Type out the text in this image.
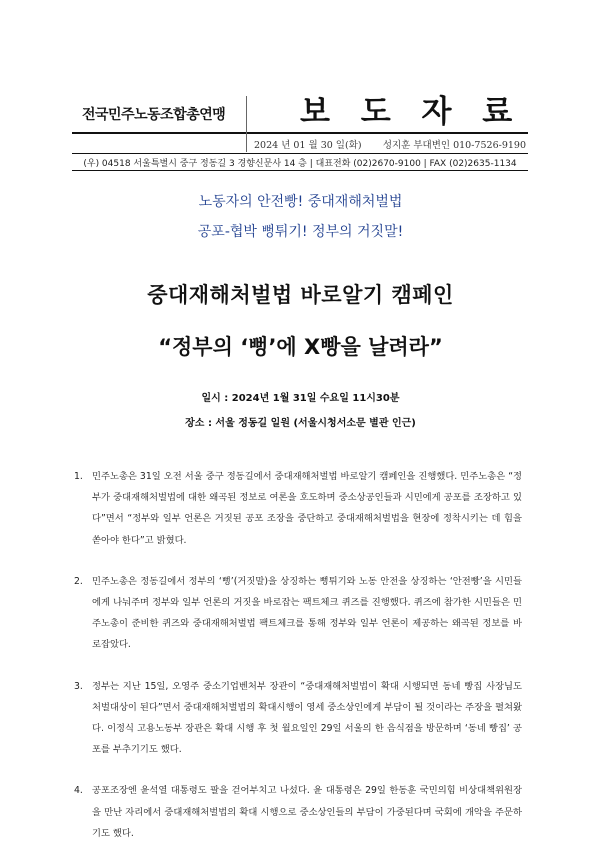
전국민주노동조합총연맹 보 도 자 료
2024 년 01 월 30 일(화) 성지훈 부대변인 010-7526-9190
(우) 04518 서울특별시 중구 정동길 3 경향신문사 14 층 | 대표전화 (02)2670-9100 | FAX (02)2635-1134
노동자의 안전빵! 중대재해처벌법
공포-협박 뻥튀기! 정부의 거짓말!
중대재해처벌법 바로알기 캠페인
“정부의 ‘뻥’에 X빵을 날려라”
일시 : 2024년 1월 31일 수요일 11시30분
장소 : 서울 정동길 일원 (서울시청서소문 별관 인근)
1. 민주노총은 31일 오전 서울 중구 정동길에서 중대재해처벌법 바로알기 캠페인을 진행했다. 민주노총은 “정부가 중대재해처벌법에 대한 왜곡된 정보로 여론을 호도하며 중소상공인들과 시민에게 공포를 조장하고 있다”면서 “정부와 일부 언론은 거짓된 공포 조장을 중단하고 중대재해처벌법을 현장에 정착시키는 데 힘을 쏟아야 한다”고 밝혔다.
2. 민주노총은 정동길에서 정부의 ‘뻥’(거짓말)을 상징하는 뻥튀기와 노동 안전을 상징하는 ‘안전빵’을 시민들에게 나눠주며 정부와 일부 언론의 거짓을 바로잡는 팩트체크 퀴즈를 진행했다. 퀴즈에 참가한 시민들은 민주노총이 준비한 퀴즈와 중대재해처벌법 팩트체크를 통해 정부와 일부 언론이 제공하는 왜곡된 정보를 바로잡았다.
3. 정부는 지난 15일, 오영주 중소기업벤처부 장관이 “중대재해처벌법이 확대 시행되면 동네 빵집 사장님도 처벌대상이 된다”면서 중대재해처벌법의 확대시행이 영세 중소상인에게 부담이 될 것이라는 주장을 펼쳐왔다. 이정식 고용노동부 장관은 확대 시행 후 첫 월요일인 29일 서울의 한 음식점을 방문하며 ‘동네 빵집’ 공포를 부추기기도 했다.
4. 공포조장엔 윤석열 대통령도 팔을 걷어부치고 나섰다. 윤 대통령은 29일 한동훈 국민의힘 비상대책위원장을 만난 자리에서 중대재해처벌법의 확대 시행으로 중소상인들의 부담이 가중된다며 국회에 개악을 주문하기도 했다.
